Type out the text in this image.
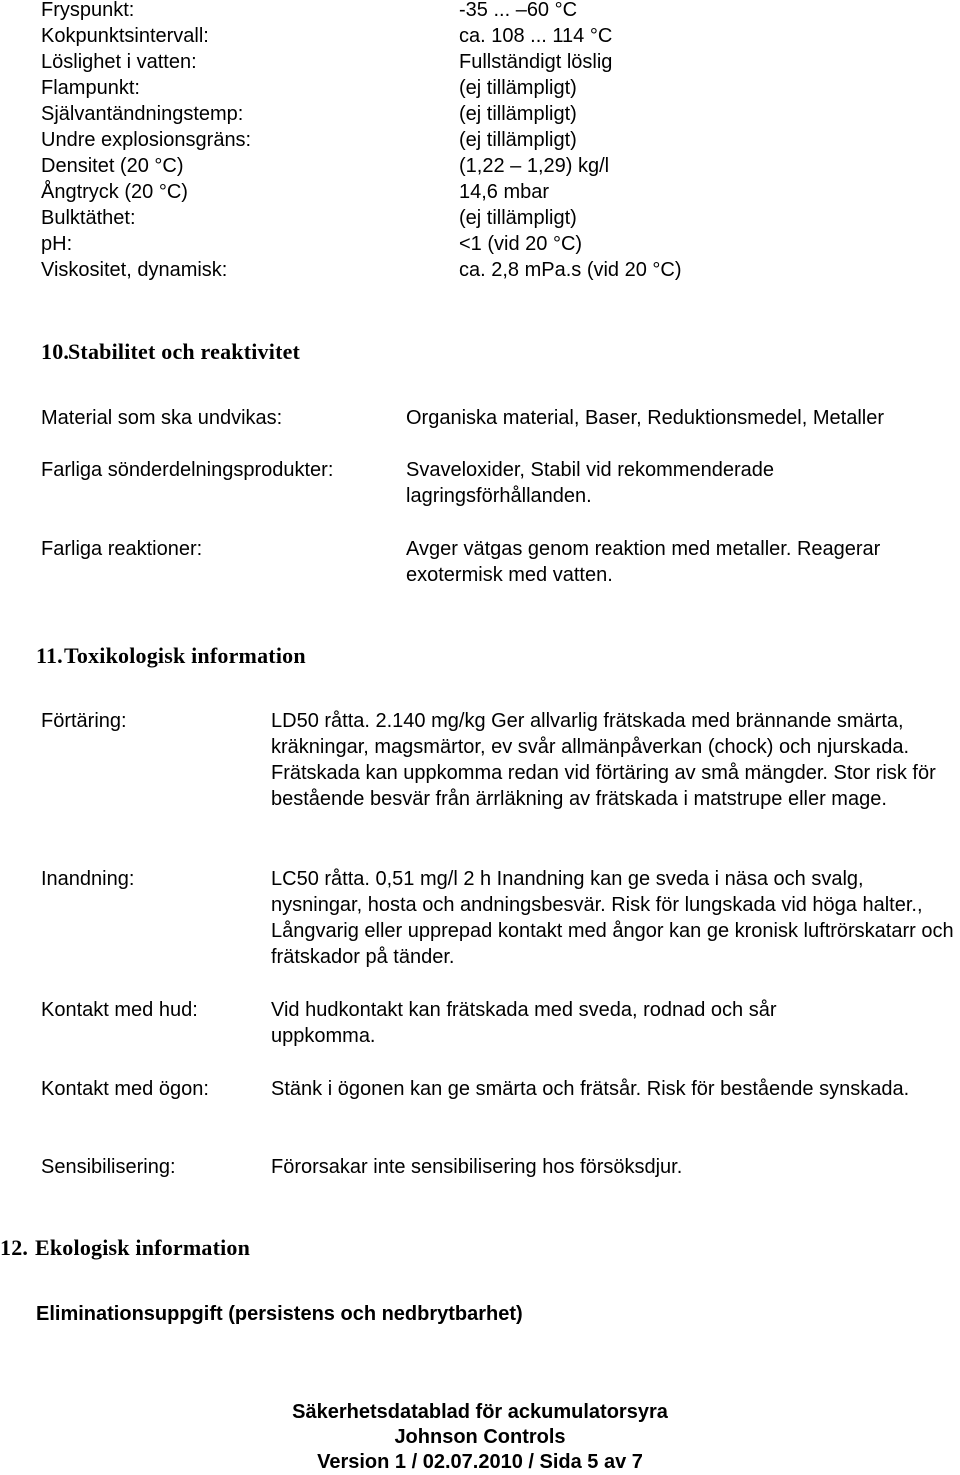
Fryspunkt:	-35 ... –60 °C
Kokpunktsintervall:	ca. 108 ... 114 °C
Löslighet i vatten:	Fullständigt löslig
Flampunkt:	(ej tillämpligt)
Självantändningstemp:	(ej tillämpligt)
Undre explosionsgräns:	(ej tillämpligt)
Densitet (20 °C)	(1,22 – 1,29) kg/l
Ångtryck (20 °C)	14,6 mbar
Bulktäthet:	(ej tillämpligt)
pH:	<1 (vid 20 °C)
Viskositet, dynamisk:	ca. 2,8 mPa.s (vid 20 °C)
10.
Stabilitet och reaktivitet
Material som ska undvikas:	Organiska material, Baser, Reduktionsmedel, Metaller
Farliga sönderdelningsprodukter:	Svaveloxider, Stabil vid rekommenderade lagringsförhållanden.
Farliga reaktioner:	Avger vätgas genom reaktion med metaller. Reagerar exotermisk med vatten.
11. Toxikologisk information
Förtäring:	LD50 råtta. 2.140 mg/kg Ger allvarlig frätskada med brännande smärta, kräkningar, magsmärtor, ev svår allmänpåverkan (chock) och njurskada. Frätskada kan uppkomma redan vid förtäring av små mängder. Stor risk för bestående besvär från ärrläkning av frätskada i matstrupe eller mage.
Inandning:	LC50 råtta. 0,51 mg/l 2 h Inandning kan ge sveda i näsa och svalg, nysningar, hosta och andningsbesvär. Risk för lungskada vid höga halter., Långvarig eller upprepad kontakt med ångor kan ge kronisk luftrörskatarr och frätskador på tänder.
Kontakt med hud:	Vid hudkontakt kan frätskada med sveda, rodnad och sår uppkomma.
Kontakt med ögon:	Stänk i ögonen kan ge smärta och frätsår. Risk för bestående synskada.
Sensibilisering:	Förorsakar inte sensibilisering hos försöksdjur.
12. Ekologisk information
Eliminationsuppgift (persistens och nedbrytbarhet)
Säkerhetsdatablad för ackumulatorsyra
Johnson Controls
Version 1 / 02.07.2010 / Sida 5 av 7
